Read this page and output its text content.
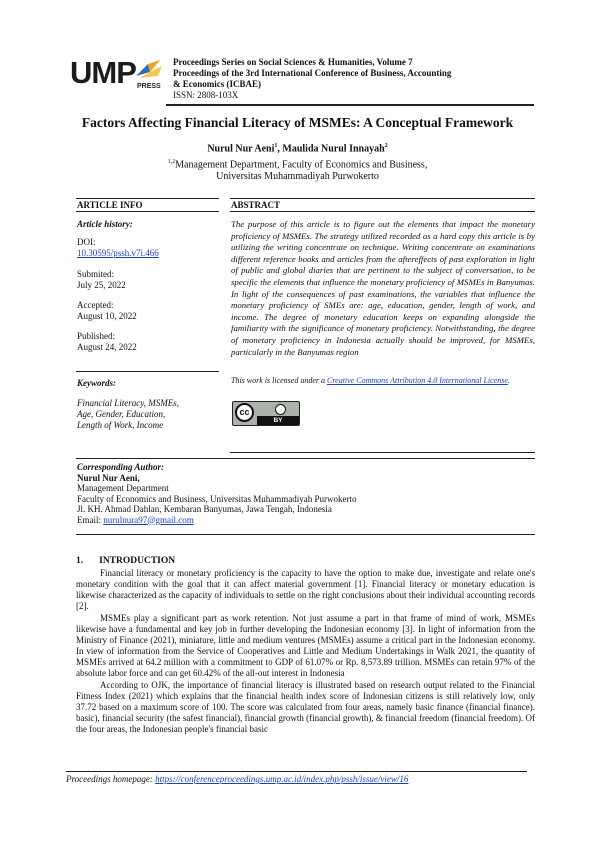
UMP PRESS
Proceedings Series on Social Sciences & Humanities, Volume 7
Proceedings of the 3rd International Conference of Business, Accounting
& Economics (ICBAE)
ISSN: 2808-103X
Factors Affecting Financial Literacy of MSMEs: A Conceptual Framework
Nurul Nur Aeni$^1$, Maulida Nurul Innayah$^2$
$^{1,2}$Management Department, Faculty of Economics and Business,
Universitas Muhammadiyah Purwokerto
ARTICLE INFO
Article history:
DOI:
10.30595/pssh.v7i.466
Submited:
July 25, 2022
Accepted:
August 10, 2022
Published:
August 24, 2022
Keywords:
Financial Literacy, MSMEs,
Age, Gender, Education,
Length of Work, Income
ABSTRACT
The purpose of this article is to figure out the elements that impact the monetary proficiency of MSMEs. The strategy utilized recorded as a hard copy this article is by utilizing the writing concentrate on technique. Writing concentrate on examinations different reference books and articles from the aftereffects of past exploration in light of public and global diaries that are pertinent to the subject of conversation, to be specific the elements that influence the monetary proficiency of MSMEs in Banyumas. In light of the consequences of past examinations, the variables that influence the monetary proficiency of SMEs are: age, education, gender, length of work, and income. The degree of monetary education keeps on expanding alongside the familiarity with the significance of monetary proficiency. Notwithstanding, the degree of monetary proficiency in Indonesia actually should be improved, for MSMEs, particularly in the Banyumas region
This work is licensed under a Creative Commons Attribution 4.0 International License.
cc
BY
Corresponding Author:
Nurul Nur Aeni,
Management Department
Faculty of Economics and Business, Universitas Muhammadiyah Purwokerto
Jl. KH. Ahmad Dahlan, Kembaran Banyumas, Jawa Tengah, Indonesia
Email: nurulnura97@gmail.com
1. INTRODUCTION

Financial literacy or monetary proficiency is the capacity to have the option to make due, investigate and relate one's monetary condition with the goal that it can affect material government [1]. Financial literacy or monetary education is likewise characterized as the capacity of individuals to settle on the right conclusions about their individual accounting records [2].

MSMEs play a significant part as work retention. Not just assume a part in that frame of mind of work, MSMEs likewise have a fundamental and key job in further developing the Indonesian economy [3]. In light of information from the Ministry of Finance (2021), miniature, little and medium ventures (MSMEs) assume a critical part in the Indonesian economy. In view of information from the Service of Cooperatives and Little and Medium Undertakings in Walk 2021, the quantity of MSMEs arrived at 64.2 million with a commitment to GDP of 61.07% or Rp. 8,573.89 trillion. MSMEs can retain 97% of the absolute labor force and can get 60.42% of the all-out interest in Indonesia

According to OJK, the importance of financial literacy is illustrated based on research output related to the Financial Fitness Index (2021) which explains that the financial health index score of Indonesian citizens is still relatively low, only 37.72 based on a maximum score of 100. The score was calculated from four areas, namely basic finance (financial finance). basic), financial security (the safest financial), financial growth (financial growth), & financial freedom (financial freedom). Of the four areas, the Indonesian people's financial basic

Proceedings homepage: https://conferenceproceedings.ump.ac.id/index.php/pssh/issue/view/16
